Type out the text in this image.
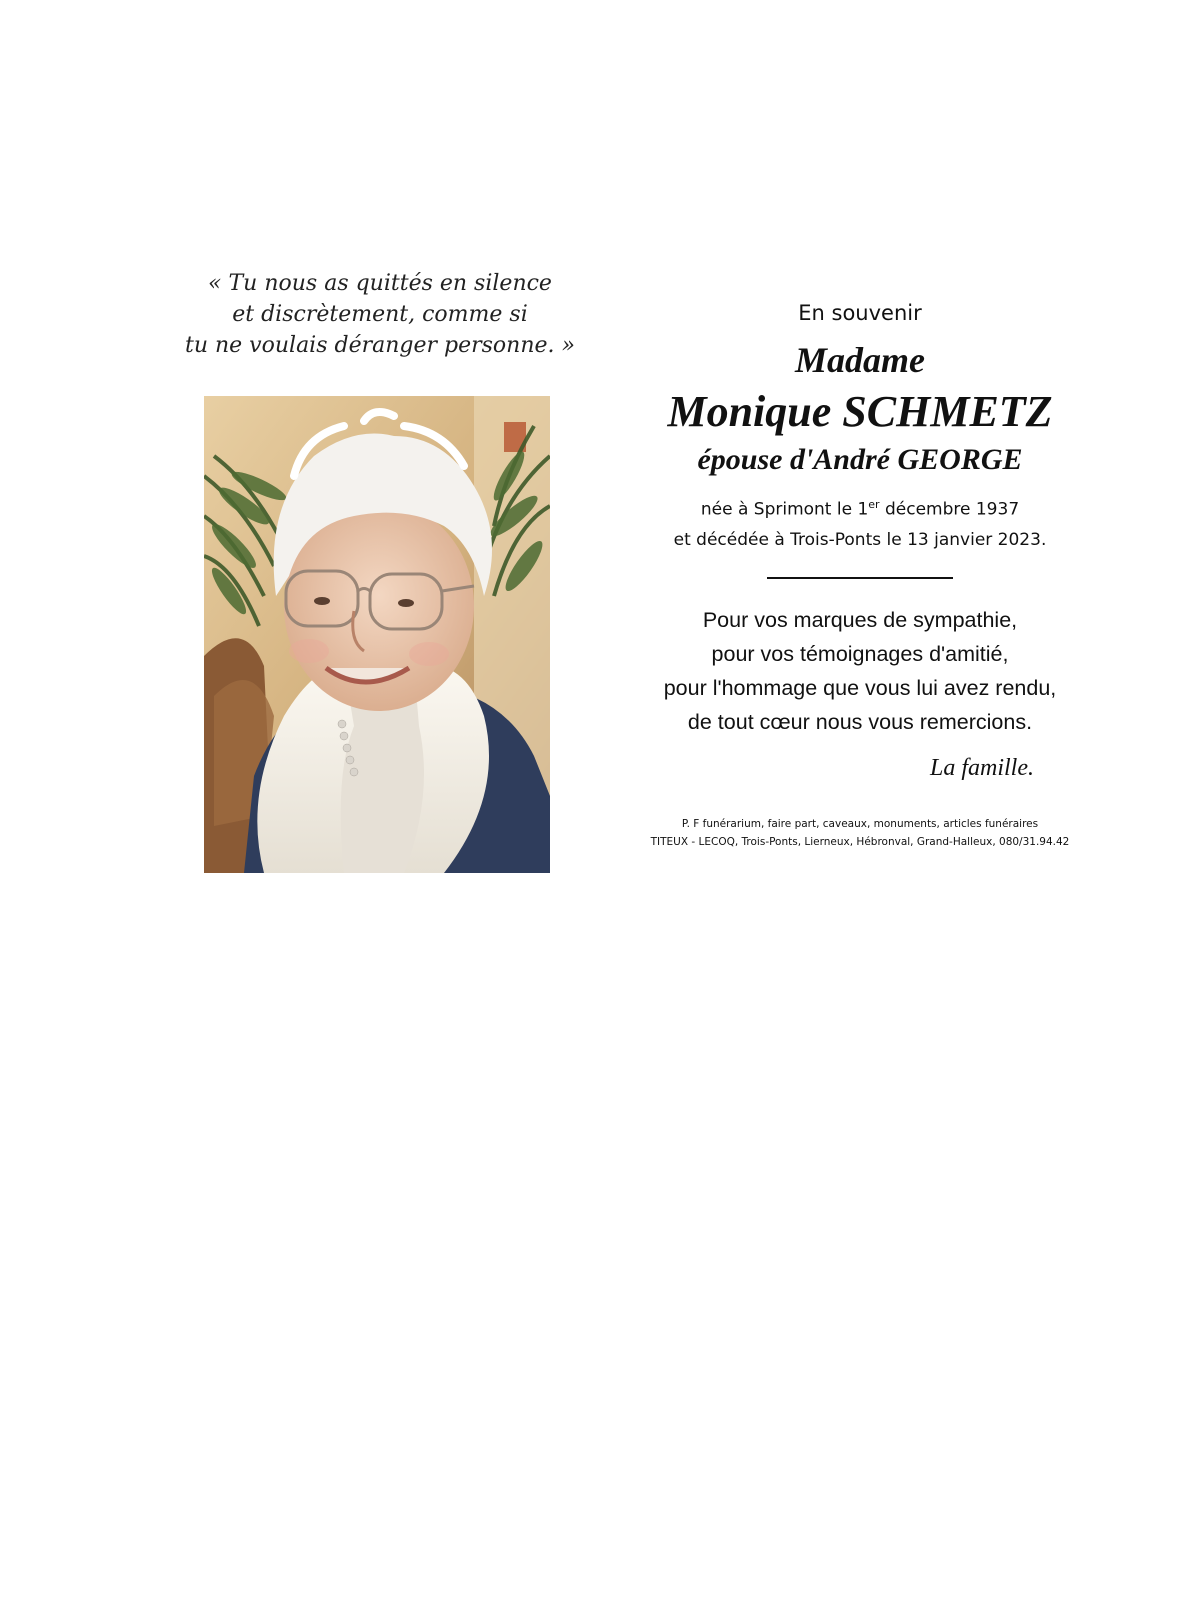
« Tu nous as quittés en silence
et discrètement, comme si
tu ne voulais déranger personne. »

En souvenir

Madame
Monique SCHMETZ
épouse d'André GEORGE
née à Sprimont le 1er décembre 1937
et décédée à Trois-Ponts le 13 janvier 2023.
Pour vos marques de sympathie,
pour vos témoignages d'amitié,
pour l'hommage que vous lui avez rendu,
de tout cœur nous vous remercions.
La famille.
P. F funérarium, faire part, caveaux, monuments, articles funéraires
TITEUX - LECOQ, Trois-Ponts, Lierneux, Hébronval, Grand-Halleux, 080/31.94.42
